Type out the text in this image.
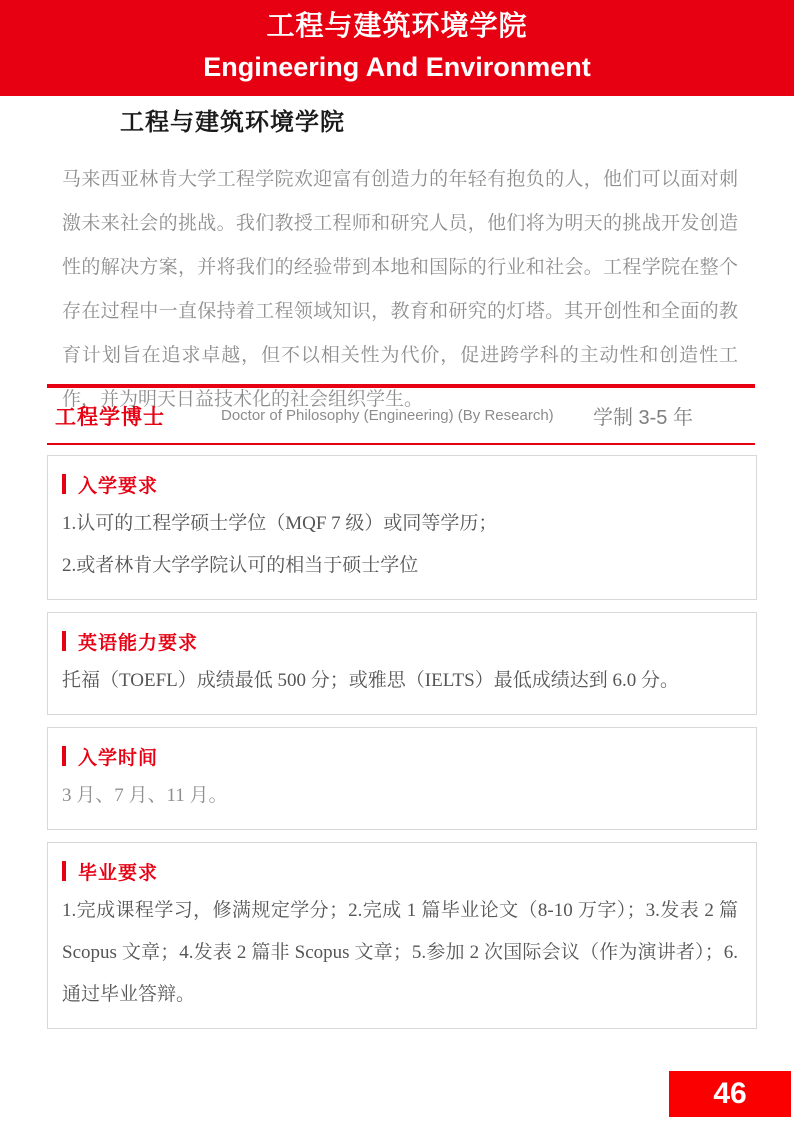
工程与建筑环境学院
Engineering And Environment
工程与建筑环境学院

马来西亚林肯大学工程学院欢迎富有创造力的年轻有抱负的人，他们可以面对刺激未来社会的挑战。我们教授工程师和研究人员，他们将为明天的挑战开发创造性的解决方案，并将我们的经验带到本地和国际的行业和社会。工程学院在整个存在过程中一直保持着工程领域知识，教育和研究的灯塔。其开创性和全面的教育计划旨在追求卓越，但不以相关性为代价，促进跨学科的主动性和创造性工作，并为明天日益技术化的社会组织学生。

工程学博士	Doctor of Philosophy (Engineering) (By Research) 学制 3-5 年
入学要求
1.认可的工程学硕士学位（MQF 7 级）或同等学历；
2.或者林肯大学学院认可的相当于硕士学位
英语能力要求
托福（TOEFL）成绩最低 500 分；或雅思（IELTS）最低成绩达到 6.0 分。
入学时间
3 月、7 月、11 月。
毕业要求
1.完成课程学习，修满规定学分；2.完成 1 篇毕业论文（8-10 万字）；3.发表 2 篇 Scopus 文章；4.发表 2 篇非 Scopus 文章；5.参加 2 次国际会议（作为演讲者）；6.通过毕业答辩。
46
